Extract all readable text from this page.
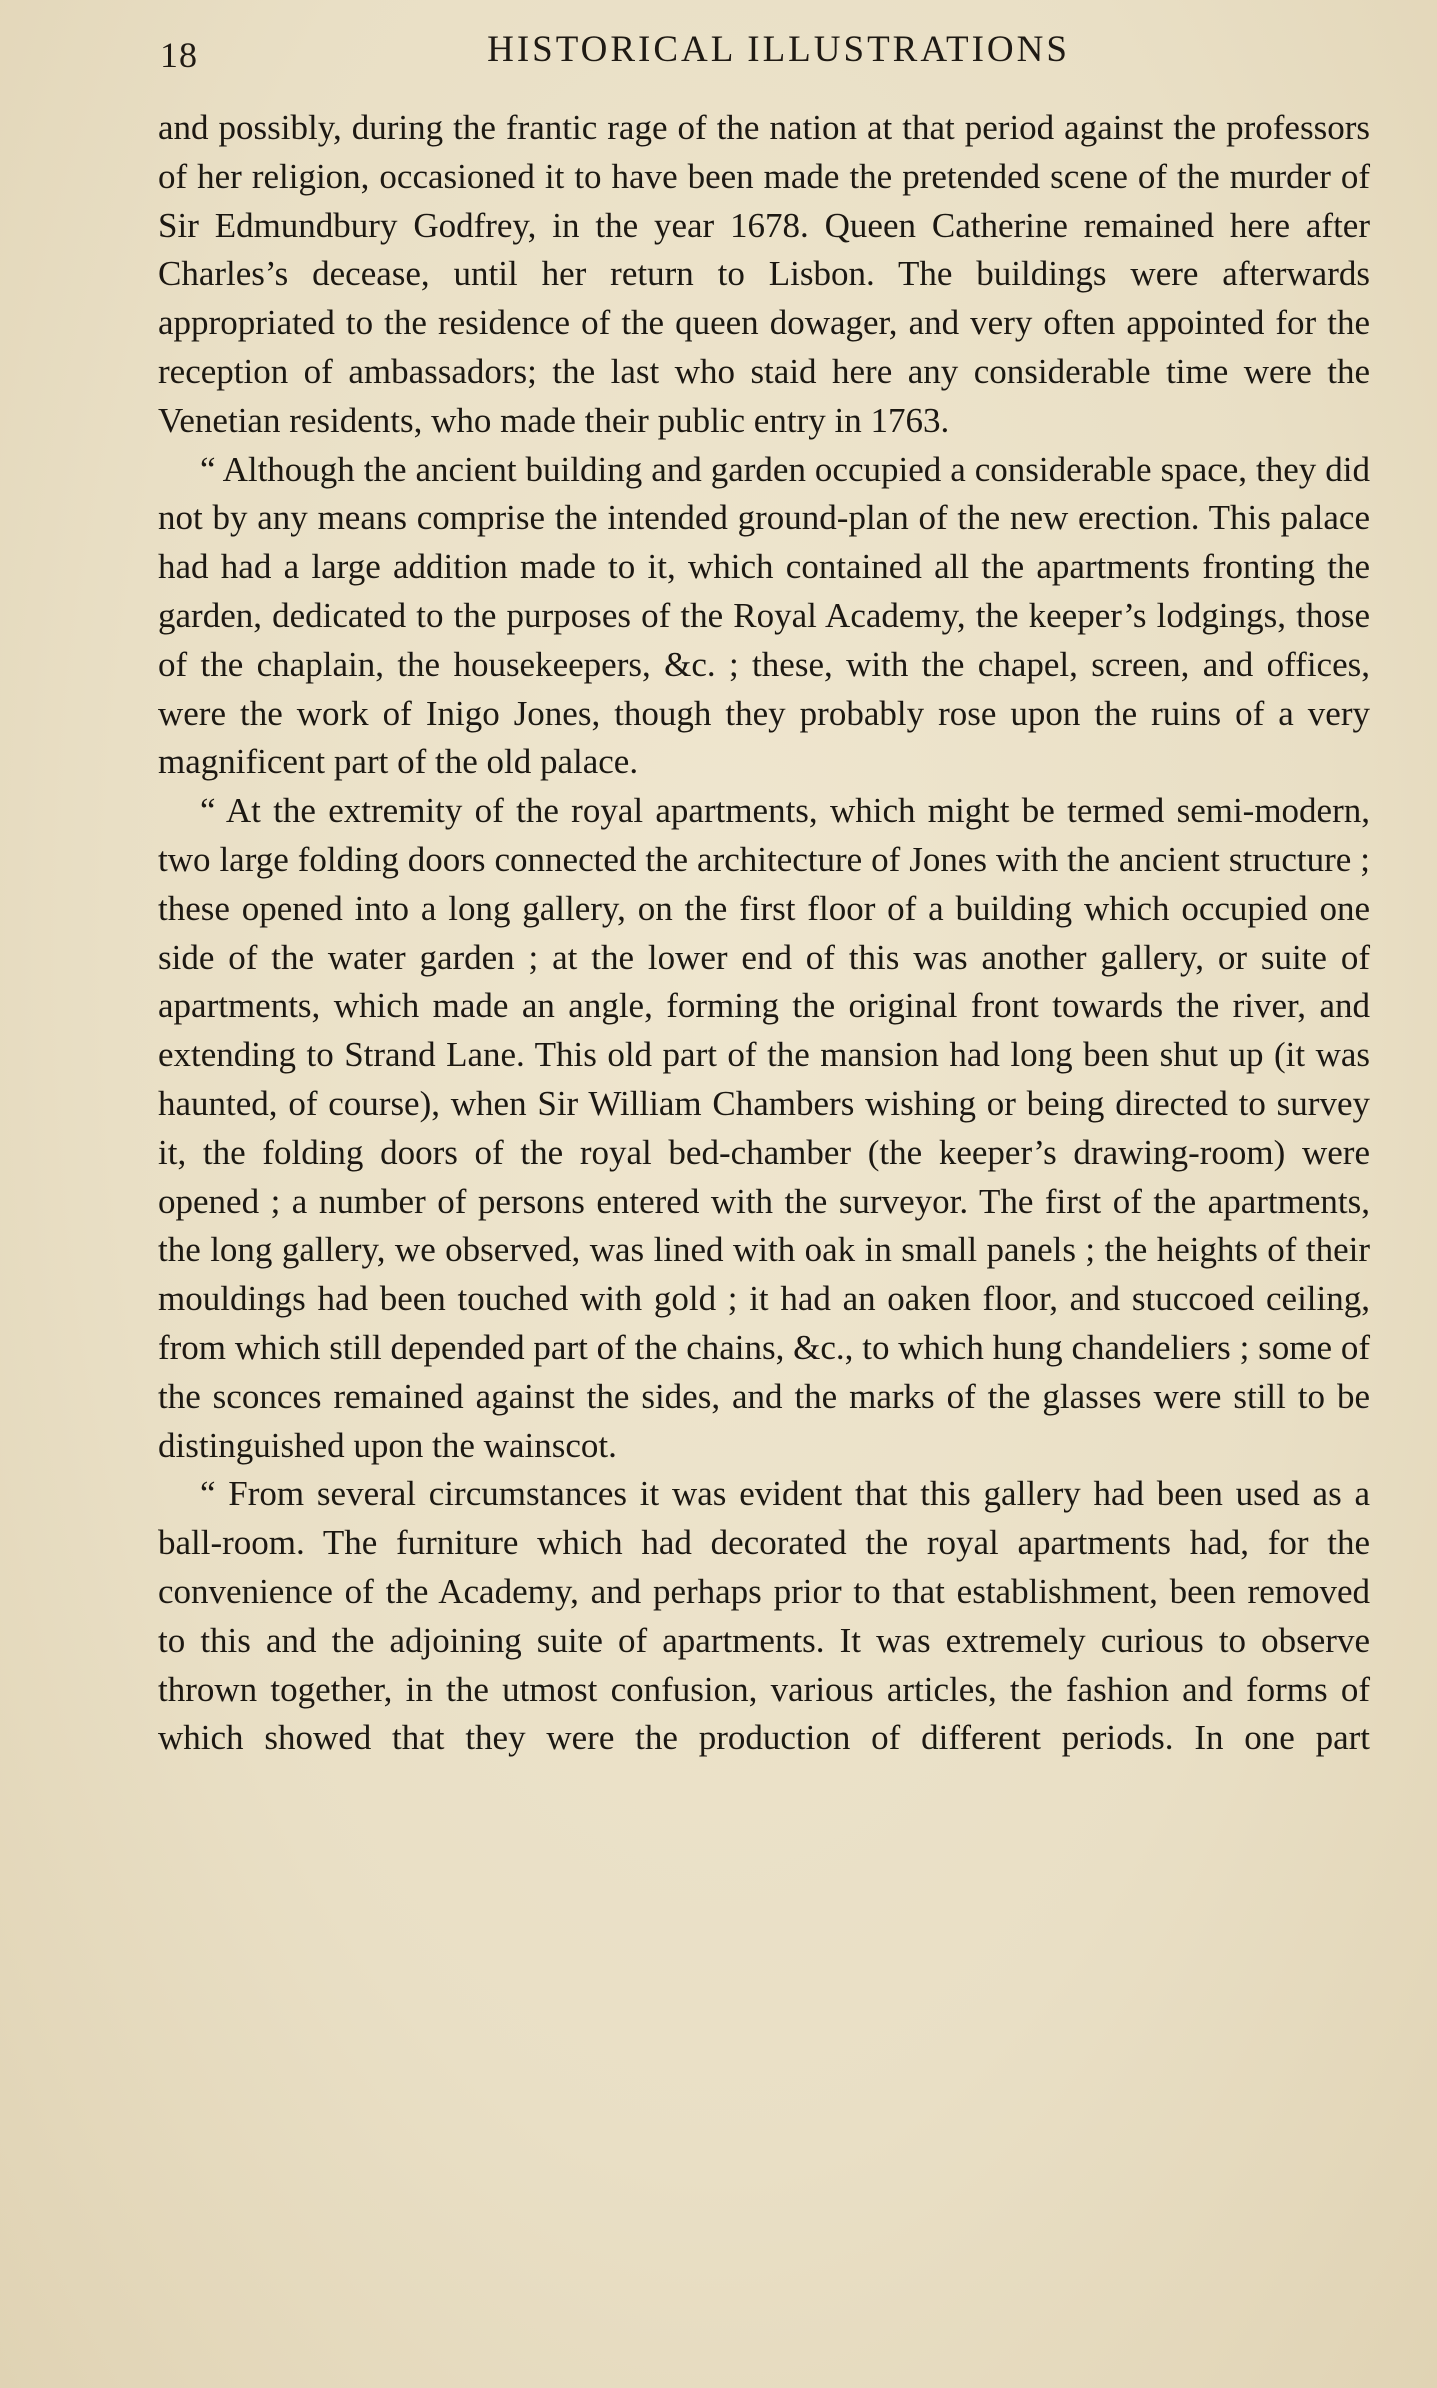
18	HISTORICAL ILLUSTRATIONS

and possibly, during the frantic rage of the nation at that period against the professors of her religion, occasioned it to have been made the pretended scene of the murder of Sir Edmundbury Godfrey, in the year 1678. Queen Catherine remained here after Charles’s decease, until her return to Lisbon. The buildings were afterwards appropriated to the residence of the queen dowager, and very often appointed for the reception of ambassadors; the last who staid here any considerable time were the Venetian residents, who made their public entry in 1763.

“ Although the ancient building and garden occupied a considerable space, they did not by any means comprise the intended ground-plan of the new erection. This palace had had a large addition made to it, which contained all the apartments fronting the garden, dedicated to the purposes of the Royal Academy, the keeper’s lodgings, those of the chaplain, the housekeepers, &c. ; these, with the chapel, screen, and offices, were the work of Inigo Jones, though they probably rose upon the ruins of a very magnificent part of the old palace.

“ At the extremity of the royal apartments, which might be termed semi-modern, two large folding doors connected the architecture of Jones with the ancient structure ; these opened into a long gallery, on the first floor of a building which occupied one side of the water garden ; at the lower end of this was another gallery, or suite of apartments, which made an angle, forming the original front towards the river, and extending to Strand Lane. This old part of the mansion had long been shut up (it was haunted, of course), when Sir William Chambers wishing or being directed to survey it, the folding doors of the royal bed-chamber (the keeper’s drawing-room) were opened ; a number of persons entered with the surveyor. The first of the apartments, the long gallery, we observed, was lined with oak in small panels ; the heights of their mouldings had been touched with gold ; it had an oaken floor, and stuccoed ceiling, from which still depended part of the chains, &c., to which hung chandeliers ; some of the sconces remained against the sides, and the marks of the glasses were still to be distinguished upon the wainscot.

“ From several circumstances it was evident that this gallery had been used as a ball-room. The furniture which had decorated the royal apartments had, for the convenience of the Academy, and perhaps prior to that establishment, been removed to this and the adjoining suite of apartments. It was extremely curious to observe thrown together, in the utmost confusion, various articles, the fashion and forms of which showed that they were the production of different periods. In one part
